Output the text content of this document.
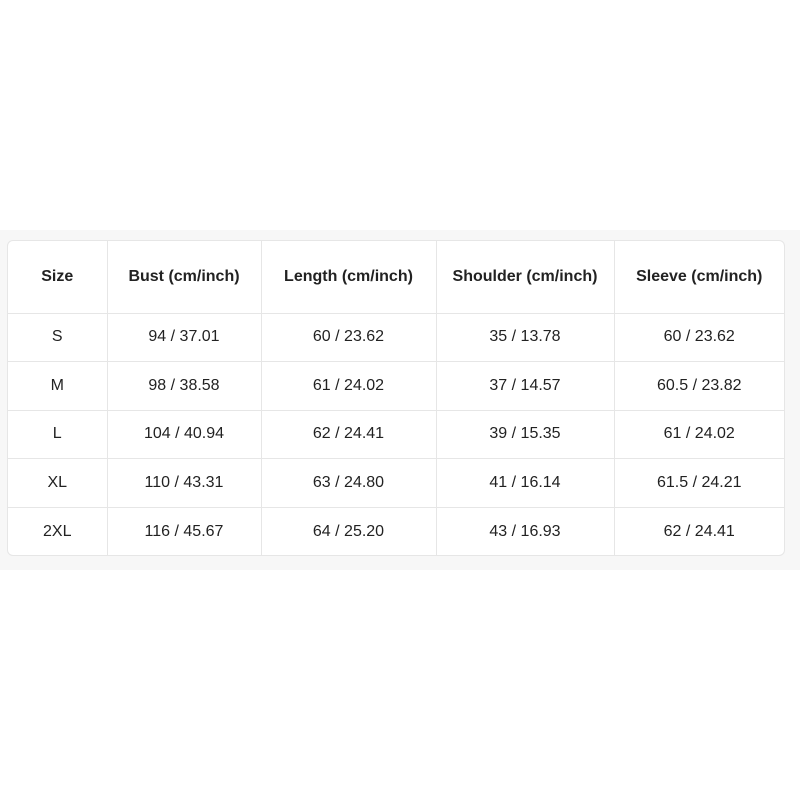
Size	Bust (cm/inch)	Length (cm/inch)	Shoulder (cm/inch)	Sleeve (cm/inch)
S	94 / 37.01	60 / 23.62	35 / 13.78	60 / 23.62
M	98 / 38.58	61 / 24.02	37 / 14.57	60.5 / 23.82
L	104 / 40.94	62 / 24.41	39 / 15.35	61 / 24.02
XL	110 / 43.31	63 / 24.80	41 / 16.14	61.5 / 24.21
2XL	116 / 45.67	64 / 25.20	43 / 16.93	62 / 24.41
